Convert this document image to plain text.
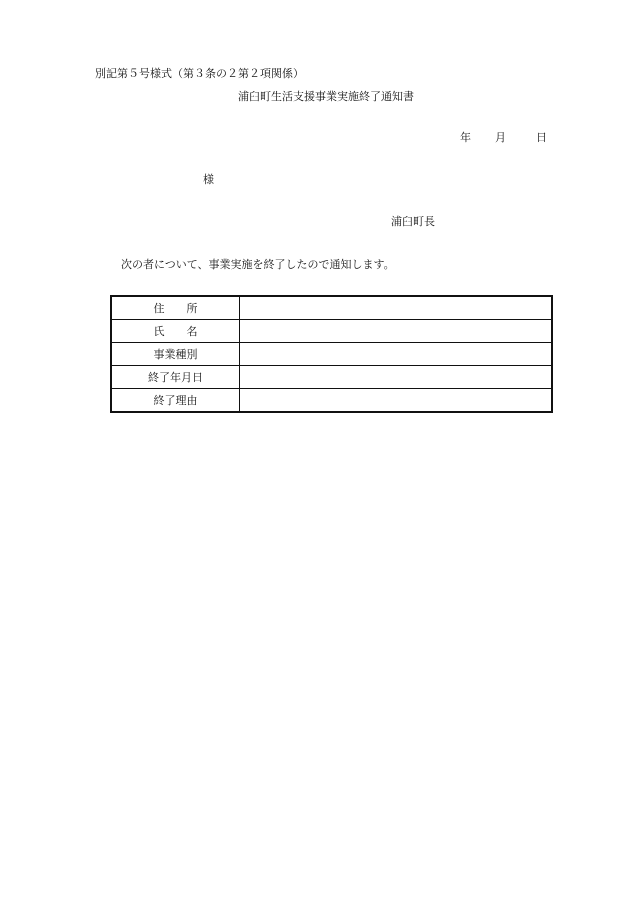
別記第５号様式（第３条の２第２項関係）
浦臼町生活支援事業実施終了通知書
年 月	日
様
浦臼町長
次の者について、事業実施を終了したので通知します。
住　　所	
氏　　名	
事業種別	
終了年月日	
終了理由	
